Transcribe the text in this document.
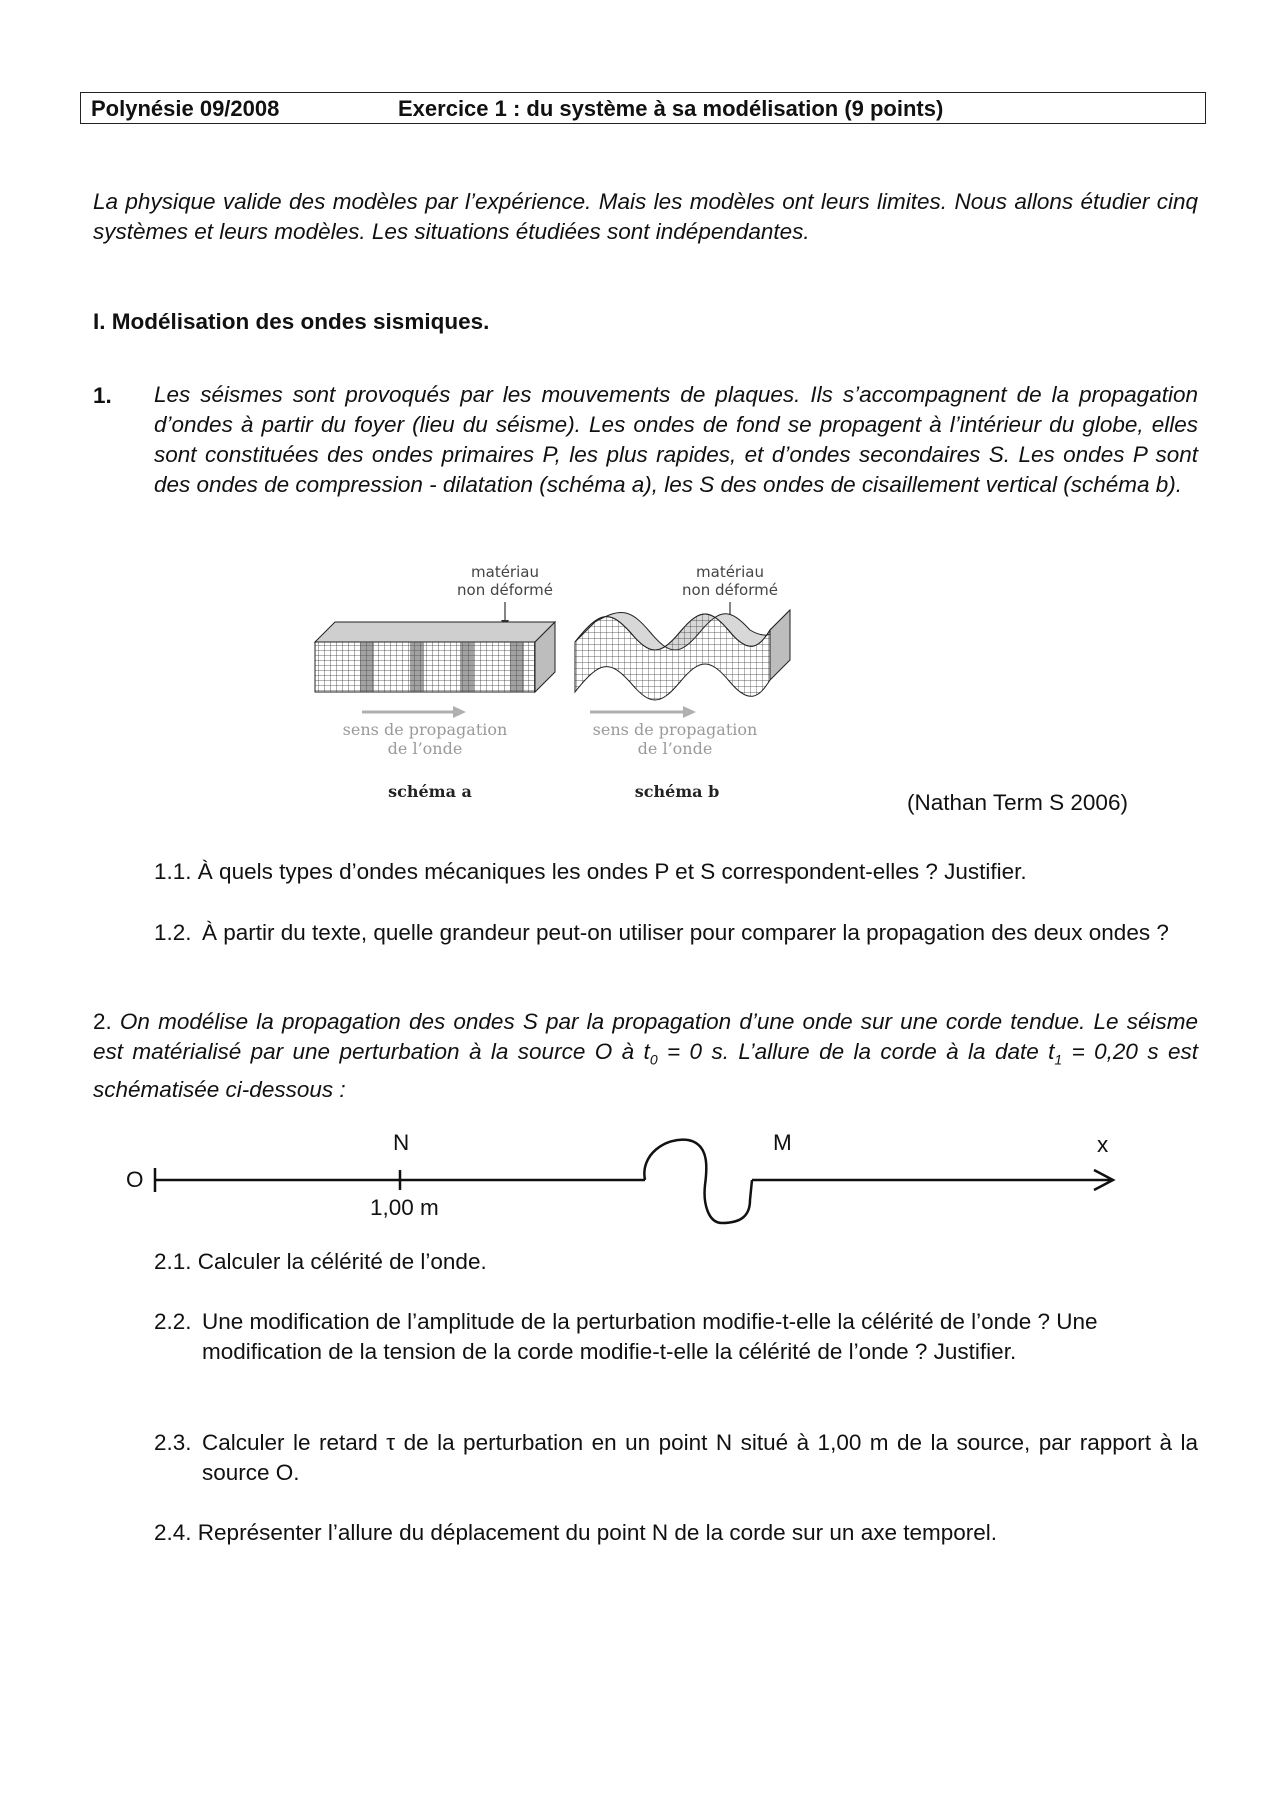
Polynésie 09/2008	Exercice 1 : du système à sa modélisation (9 points)
La physique valide des modèles par l’expérience. Mais les modèles ont leurs limites. Nous allons étudier cinq systèmes et leurs modèles. Les situations étudiées sont indépendantes.
I. Modélisation des ondes sismiques.
1. Les séismes sont provoqués par les mouvements de plaques. Ils s’accompagnent de la propagation d’ondes à partir du foyer (lieu du séisme). Les ondes de fond se propagent à l’intérieur du globe, elles sont constituées des ondes primaires P, les plus rapides, et d’ondes secondaires S. Les ondes P sont des ondes de compression - dilatation (schéma a), les S des ondes de cisaillement vertical (schéma b).
matériau
non déformé
matériau
non déformé
sens de propagation
de l’onde
sens de propagation
de l’onde
schéma a	schéma b	(Nathan Term S 2006)
1.1. À quels types d’ondes mécaniques les ondes P et S correspondent-elles ? Justifier.
1.2. À partir du texte, quelle grandeur peut-on utiliser pour comparer la propagation des deux ondes ?
2. On modélise la propagation des ondes S par la propagation d’une onde sur une corde tendue. Le séisme est matérialisé par une perturbation à la source O à $t_0 = 0$ s. L’allure de la corde à la date $t_1 = 0,20$ s est schématisée ci-dessous :
O
N	M	x
1,00 m
2.1. Calculer la célérité de l’onde.
2.2. Une modification de l’amplitude de la perturbation modifie-t-elle la célérité de l’onde ? Une modification de la tension de la corde modifie-t-elle la célérité de l’onde ? Justifier.
2.3. Calculer le retard τ de la perturbation en un point N situé à 1,00 m de la source, par rapport à la source O.
2.4. Représenter l’allure du déplacement du point N de la corde sur un axe temporel.
